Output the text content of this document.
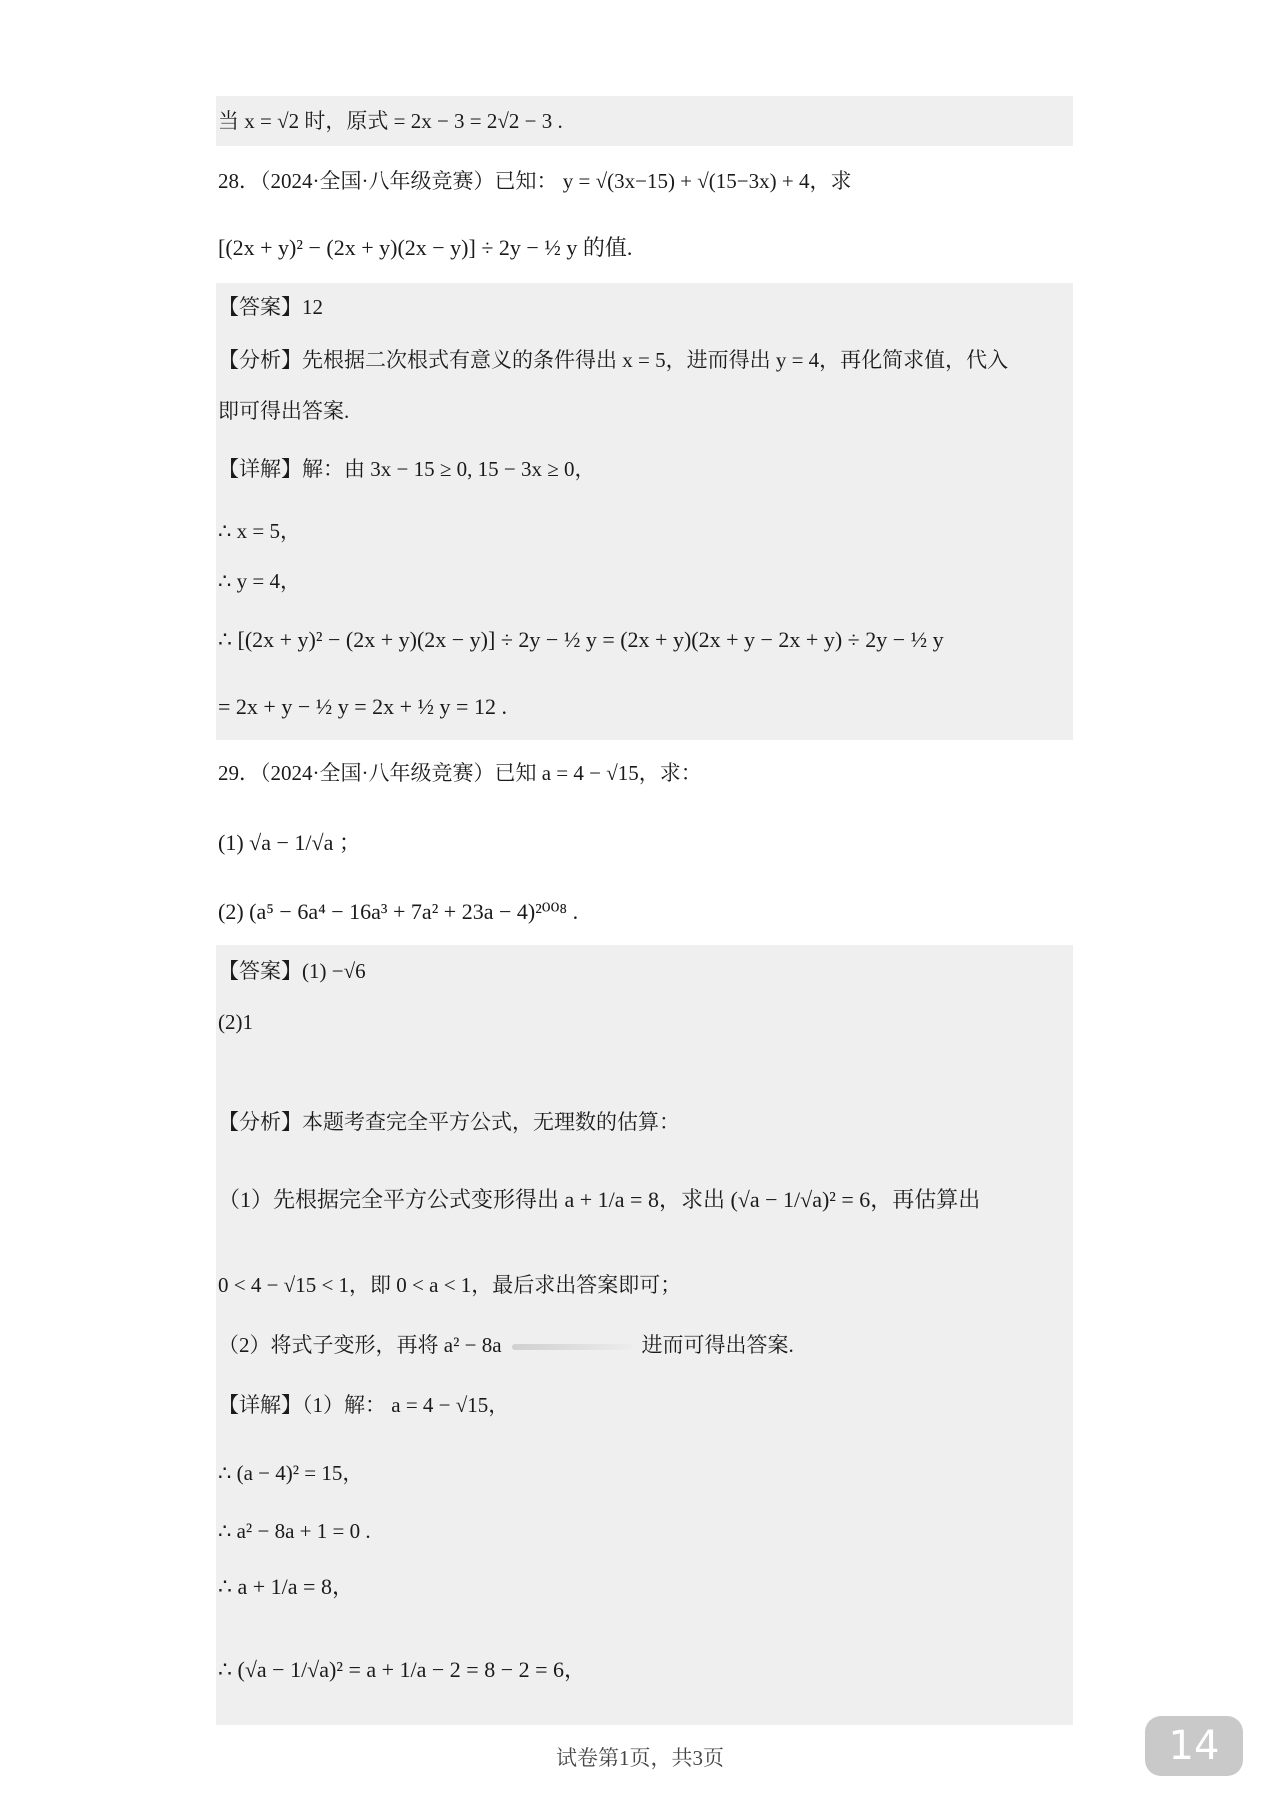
当 x = √2 时，原式 = 2x − 3 = 2√2 − 3 .
28．（2024·全国·八年级竞赛）已知： y = √(3x−15) + √(15−3x) + 4，求
[(2x + y)² − (2x + y)(2x − y)] ÷ 2y − ½ y 的值.
【答案】12
【分析】先根据二次根式有意义的条件得出 x = 5，进而得出 y = 4，再化简求值，代入
即可得出答案.
【详解】解：由 3x − 15 ≥ 0, 15 − 3x ≥ 0，
∴ x = 5，
∴ y = 4，
∴ [(2x + y)² − (2x + y)(2x − y)] ÷ 2y − ½ y = (2x + y)(2x + y − 2x + y) ÷ 2y − ½ y
= 2x + y − ½ y = 2x + ½ y = 12 .
29．（2024·全国·八年级竞赛）已知 a = 4 − √15，求：
(1) √a − 1/√a ；
(2) (a⁵ − 6a⁴ − 16a³ + 7a² + 23a − 4)²⁰⁰⁸ .
【答案】(1) −√6
(2)1
【分析】本题考查完全平方公式，无理数的估算：
（1）先根据完全平方公式变形得出 a + 1/a = 8，求出 (√a − 1/√a)² = 6，再估算出
0 < 4 − √15 < 1，即 0 < a < 1，最后求出答案即可；
（2）将式子变形，再将 a² − 8a	进而可得出答案.
【详解】（1）解： a = 4 − √15，
∴ (a − 4)² = 15，
∴ a² − 8a + 1 = 0 .
∴ a + 1/a = 8，
∴ (√a − 1/√a)² = a + 1/a − 2 = 8 − 2 = 6，
试卷第1页，共3页	14
